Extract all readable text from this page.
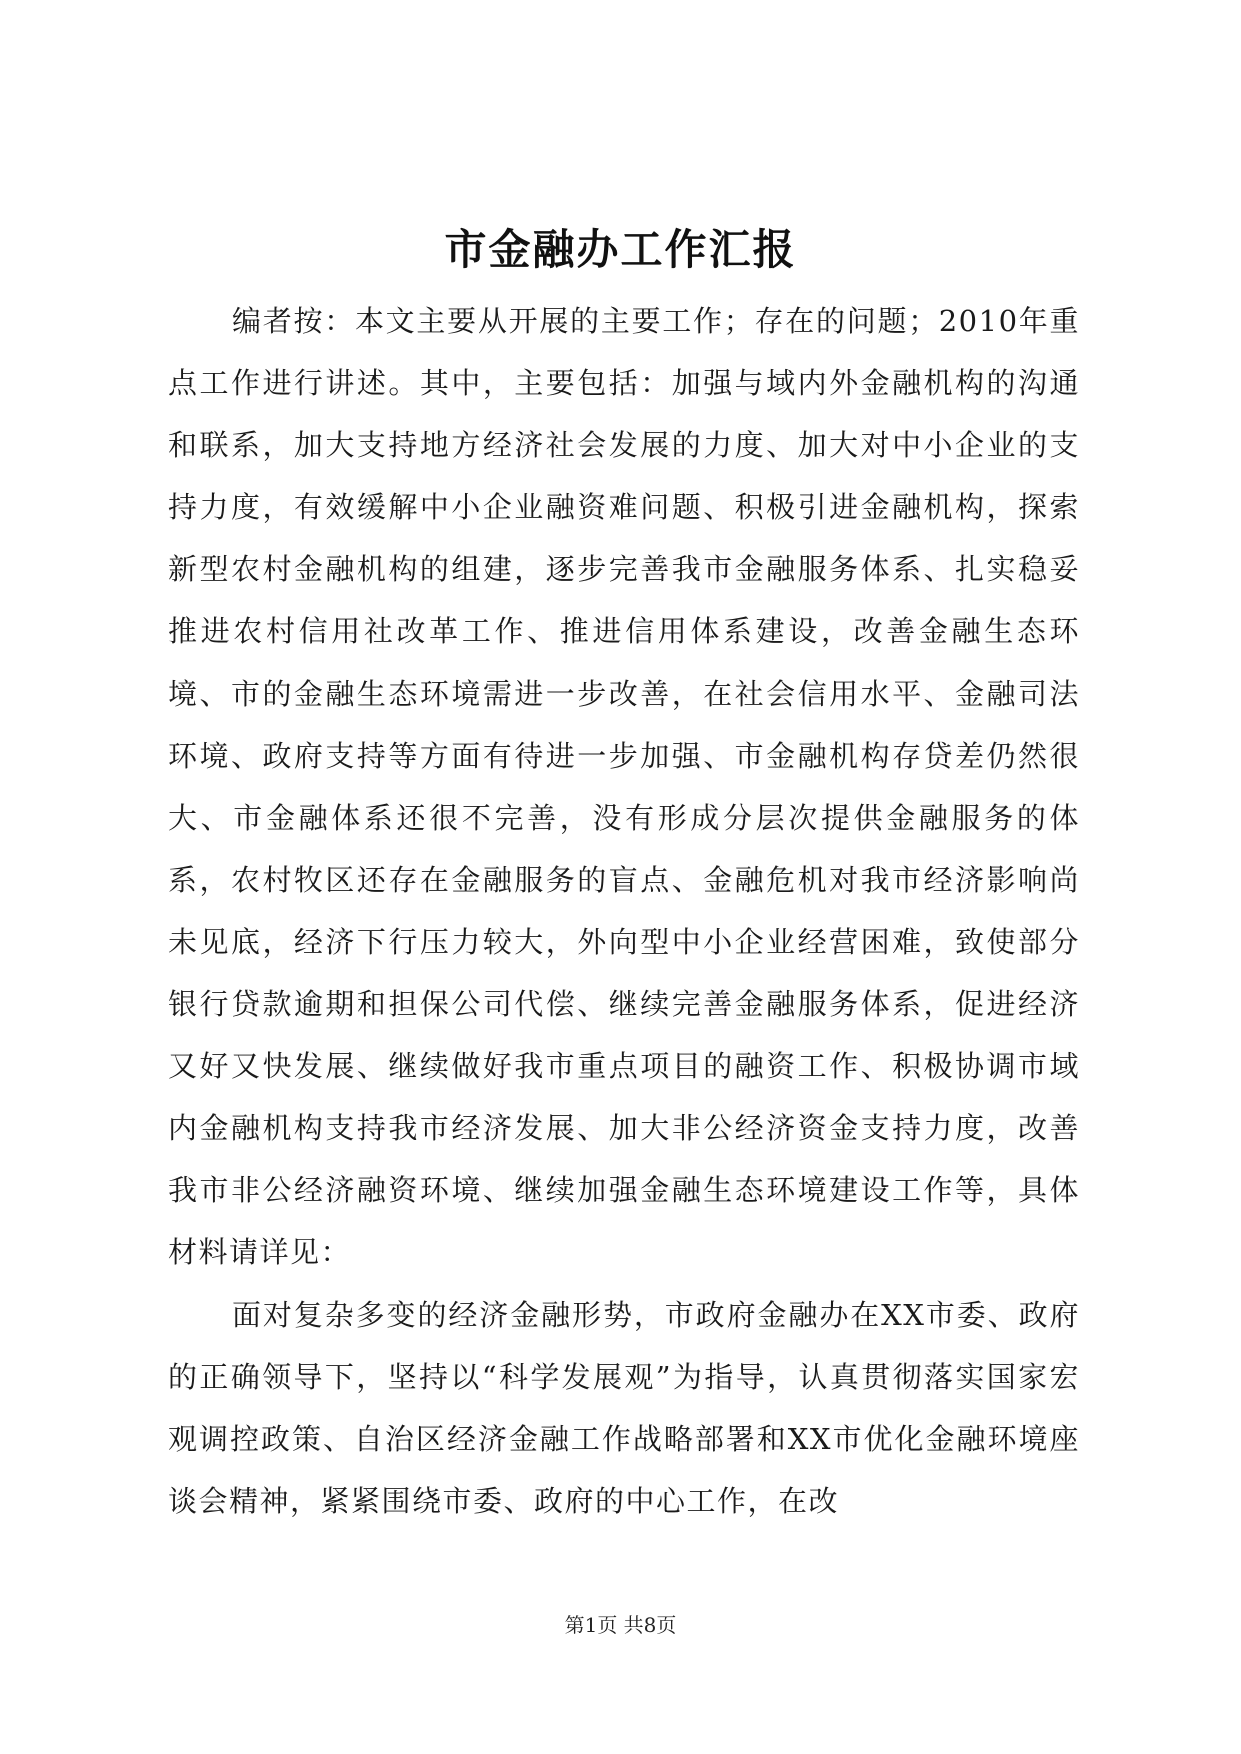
市金融办工作汇报

编者按：本文主要从开展的主要工作；存在的问题；2010年重点工作进行讲述。其中，主要包括：加强与域内外金融机构的沟通和联系，加大支持地方经济社会发展的力度、加大对中小企业的支持力度，有效缓解中小企业融资难问题、积极引进金融机构，探索新型农村金融机构的组建，逐步完善我市金融服务体系、扎实稳妥推进农村信用社改革工作、推进信用体系建设，改善金融生态环境、市的金融生态环境需进一步改善，在社会信用水平、金融司法环境、政府支持等方面有待进一步加强、市金融机构存贷差仍然很大、市金融体系还很不完善，没有形成分层次提供金融服务的体系，农村牧区还存在金融服务的盲点、金融危机对我市经济影响尚未见底，经济下行压力较大，外向型中小企业经营困难，致使部分银行贷款逾期和担保公司代偿、继续完善金融服务体系，促进经济又好又快发展、继续做好我市重点项目的融资工作、积极协调市域内金融机构支持我市经济发展、加大非公经济资金支持力度，改善我市非公经济融资环境、继续加强金融生态环境建设工作等，具体材料请详见：

面对复杂多变的经济金融形势，市政府金融办在XX市委、政府的正确领导下，坚持以“科学发展观”为指导，认真贯彻落实国家宏观调控政策、自治区经济金融工作战略部署和XX市优化金融环境座谈会精神，紧紧围绕市委、政府的中心工作，在改

第1页 共8页
